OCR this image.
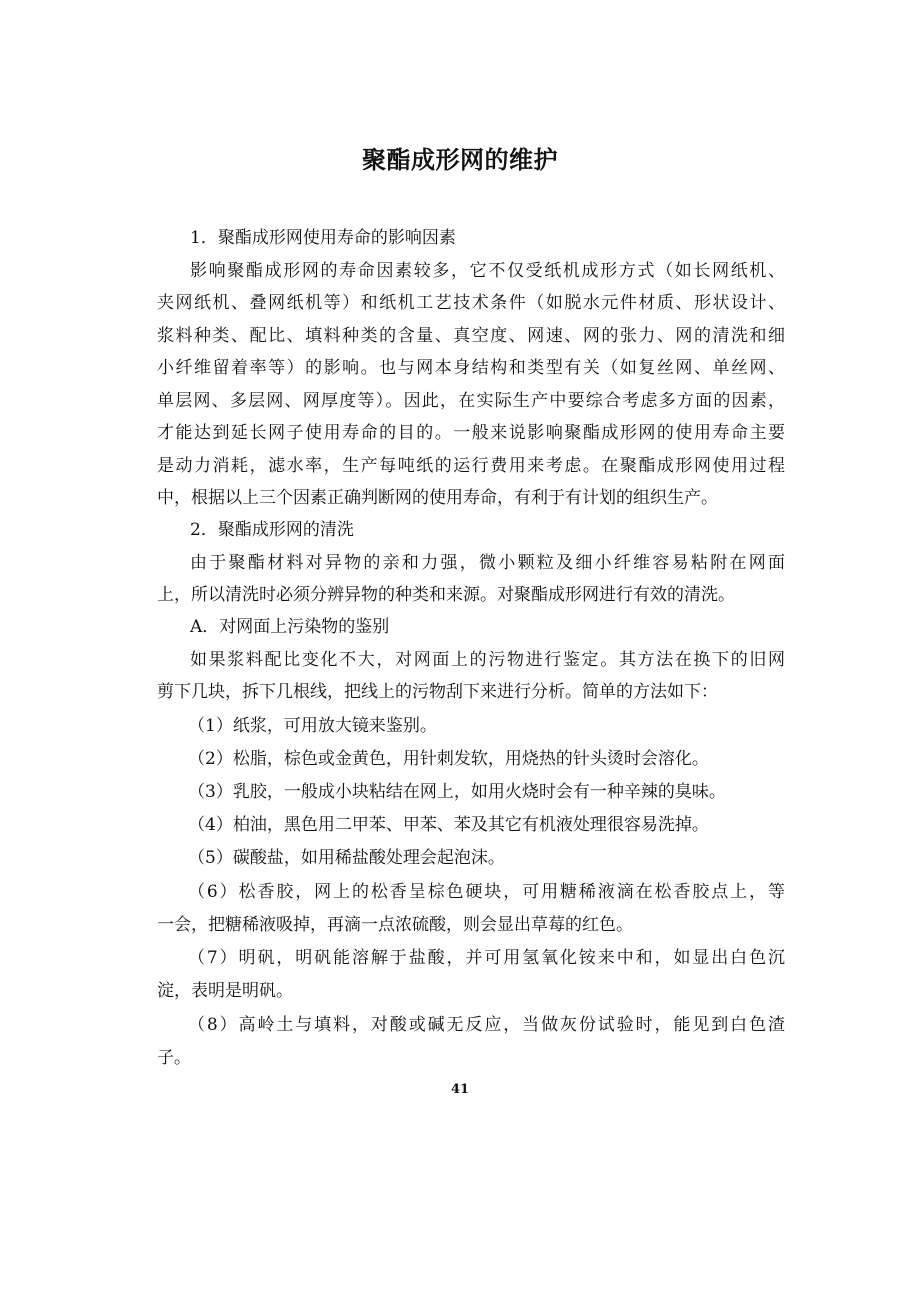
聚酯成形网的维护
1．聚酯成形网使用寿命的影响因素
影响聚酯成形网的寿命因素较多，它不仅受纸机成形方式（如长网纸机、
夹网纸机、叠网纸机等）和纸机工艺技术条件（如脱水元件材质、形状设计、
浆料种类、配比、填料种类的含量、真空度、网速、网的张力、网的清洗和细
小纤维留着率等）的影响。也与网本身结构和类型有关（如复丝网、单丝网、
单层网、多层网、网厚度等）。因此，在实际生产中要综合考虑多方面的因素，
才能达到延长网子使用寿命的目的。一般来说影响聚酯成形网的使用寿命主要
是动力消耗，滤水率，生产每吨纸的运行费用来考虑。在聚酯成形网使用过程
中，根据以上三个因素正确判断网的使用寿命，有利于有计划的组织生产。
2．聚酯成形网的清洗
由于聚酯材料对异物的亲和力强，微小颗粒及细小纤维容易粘附在网面
上，所以清洗时必须分辨异物的种类和来源。对聚酯成形网进行有效的清洗。
A．对网面上污染物的鉴别
如果浆料配比变化不大，对网面上的污物进行鉴定。其方法在换下的旧网
剪下几块，拆下几根线，把线上的污物刮下来进行分析。简单的方法如下：
（1）纸浆，可用放大镜来鉴别。
（2）松脂，棕色或金黄色，用针刺发软，用烧热的针头烫时会溶化。
（3）乳胶，一般成小块粘结在网上，如用火烧时会有一种辛辣的臭味。
（4）柏油，黑色用二甲苯、甲苯、苯及其它有机液处理很容易洗掉。
（5）碳酸盐，如用稀盐酸处理会起泡沫。
（6）松香胶，网上的松香呈棕色硬块，可用糖稀液滴在松香胶点上，等
一会，把糖稀液吸掉，再滴一点浓硫酸，则会显出草莓的红色。
（7）明矾，明矾能溶解于盐酸，并可用氢氧化铵来中和，如显出白色沉
淀，表明是明矾。
（8）高岭土与填料，对酸或碱无反应，当做灰份试验时，能见到白色渣
子。
41
